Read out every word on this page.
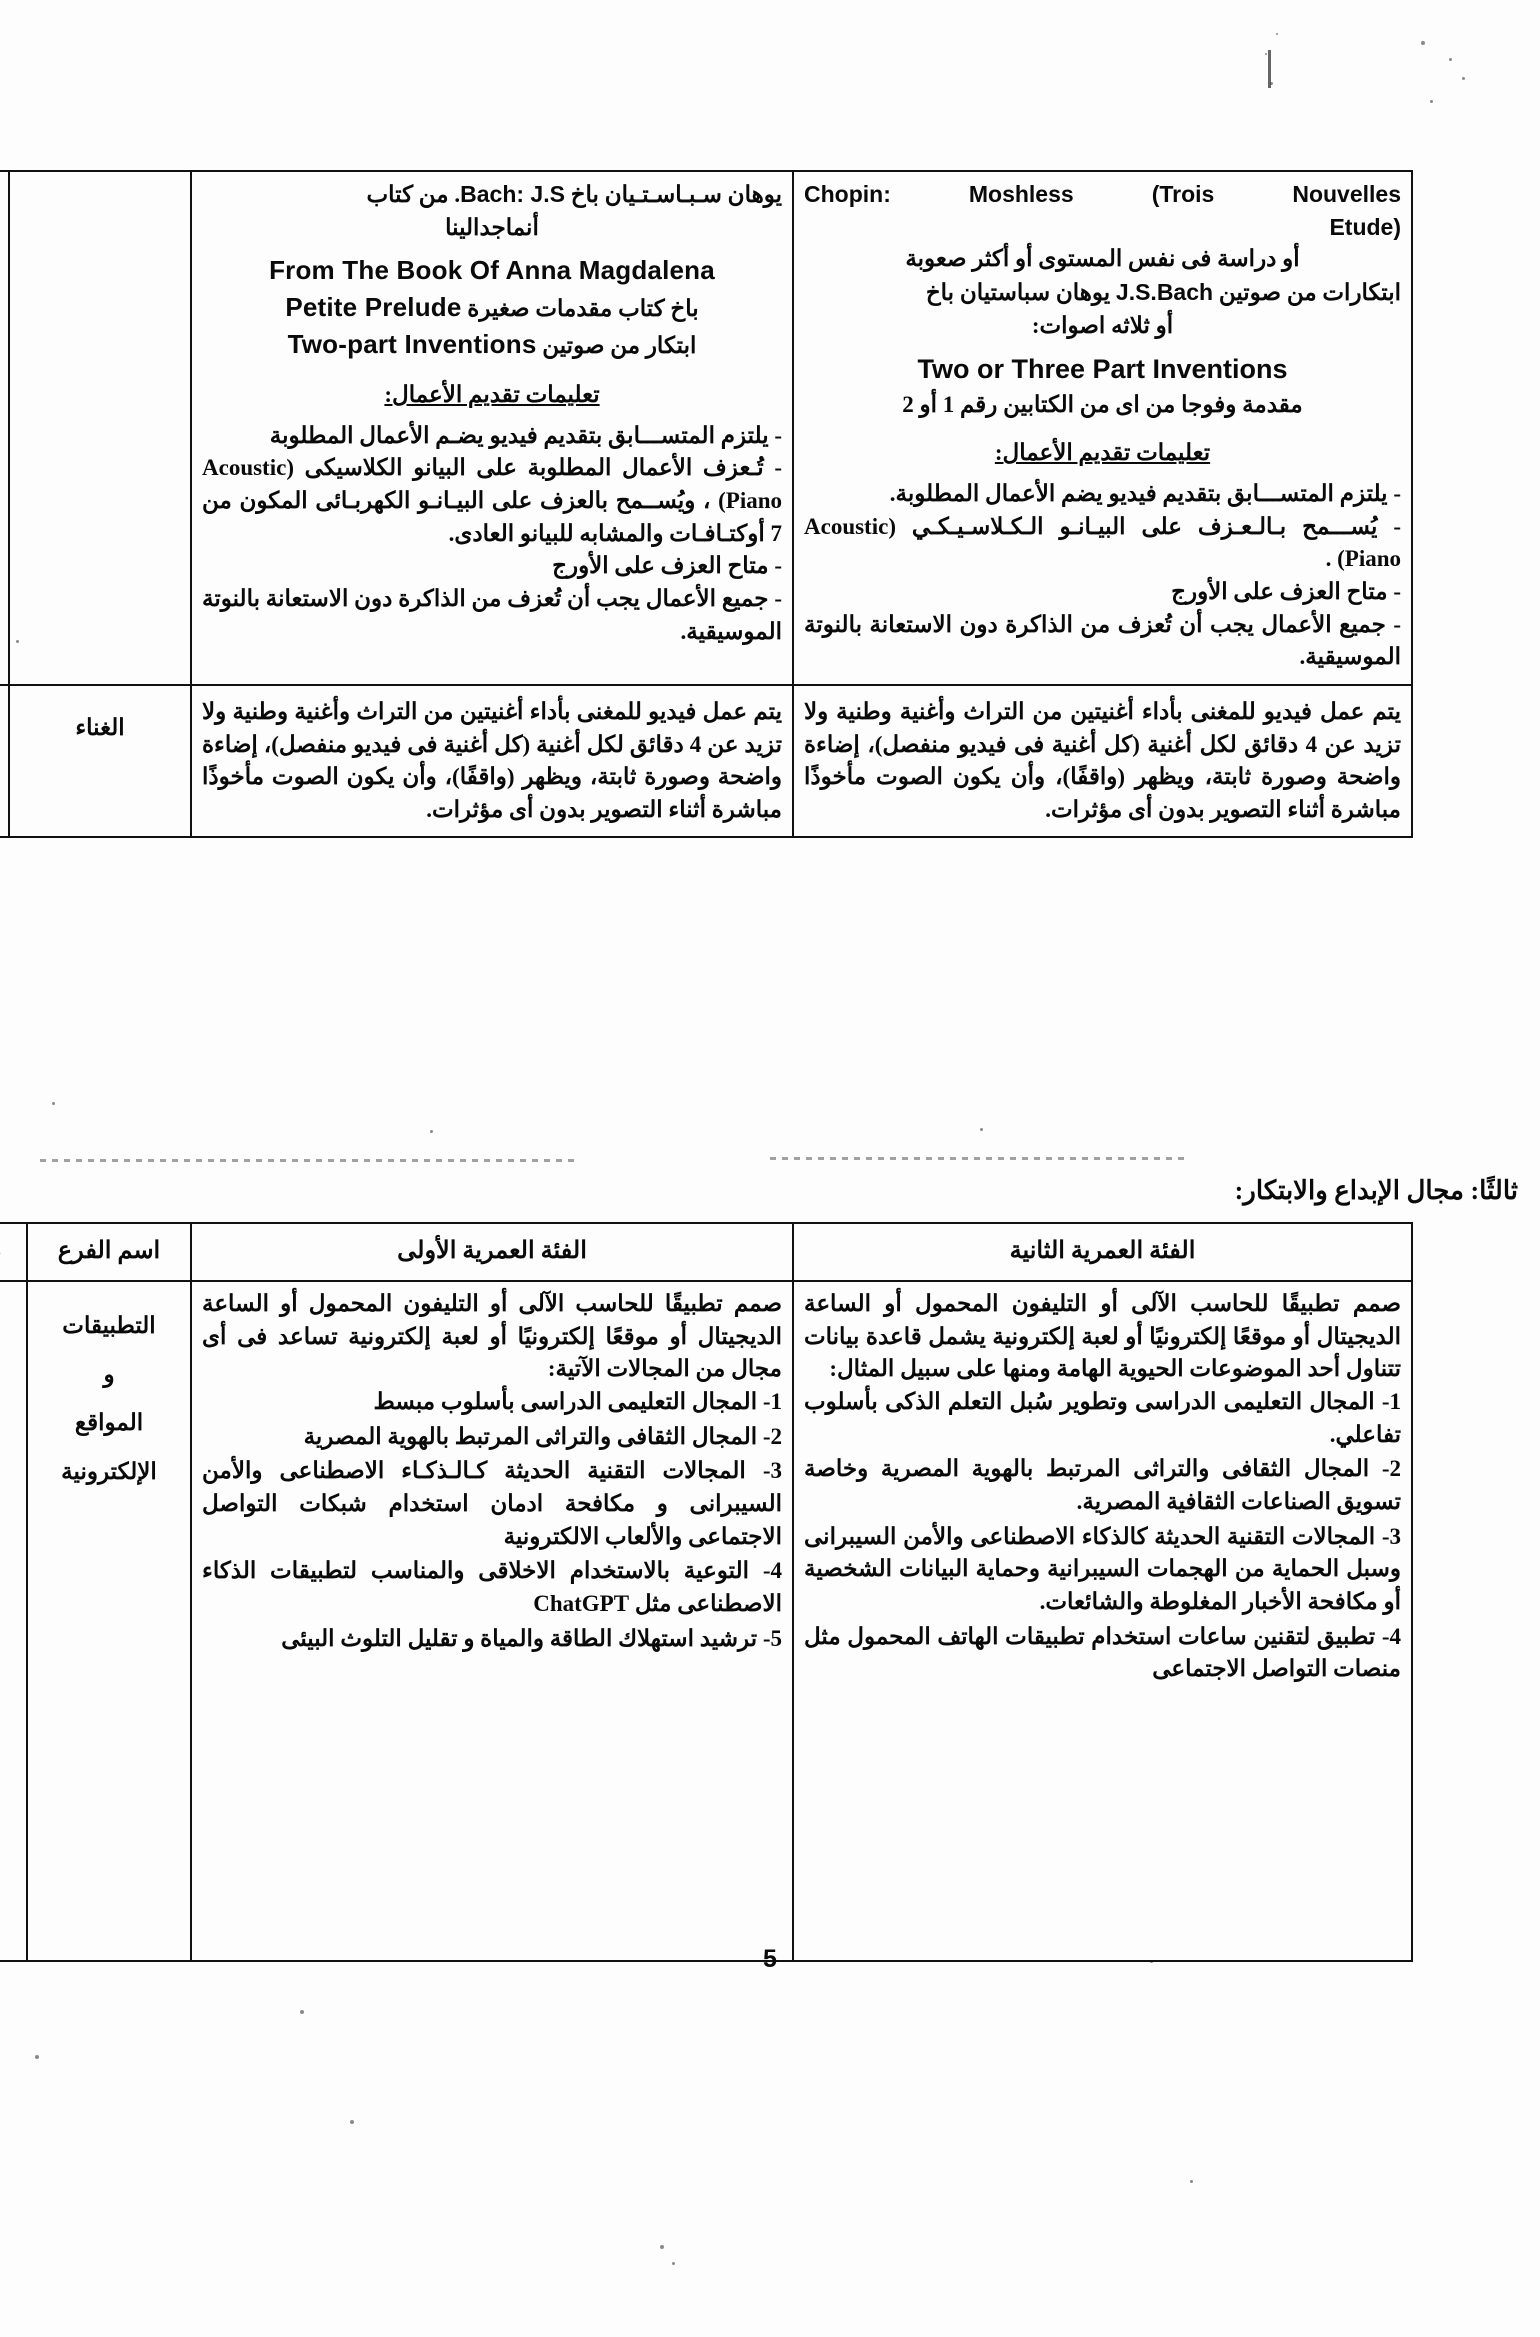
Chopin: Moshless (Trois Nouvelles
Etude)
أو دراسة فى نفس المستوى أو أكثر صعوبة
ابتكارات من صوتين J.S.Bach يوهان سباستيان باخ
أو ثلاثه اصوات:
Two or Three Part Inventions
مقدمة وفوجا من اى من الكتابين رقم 1 أو 2
تعليمات تقديم الأعمال:
- يلتزم المتســـابق بتقديم فيديو يضم الأعمال المطلوبة.
- يُســـمح بـالـعـزف على البيـانـو الـكـلاسـيـكـي (Acoustic Piano) .
- متاح العزف على الأورج
- جميع الأعمال يجب أن تُعزف من الذاكرة دون الاستعانة بالنوتة الموسيقية.

يوهان سـبـاسـتـيان باخ Bach: J.S. من كتاب
أنماجدالينا
From The Book Of Anna Magdalena
باخ كتاب مقدمات صغيرة Petite Prelude
ابتكار من صوتين Two-part Inventions
تعليمات تقديم الأعمال:
- يلتزم المتســـابق بتقديم فيديو يضـم الأعمال المطلوبة
- تُـعزف الأعمال المطلوبة على البيانو الكلاسيكى (Acoustic Piano) ، ويُســمح بالعزف على البيـانـو الكهربـائى المكون من 7 أوكتـافـات والمشابه للبيانو العادى.
- متاح العزف على الأورج
- جميع الأعمال يجب أن تُعزف من الذاكرة دون الاستعانة بالنوتة الموسيقية.

يتم عمل فيديو للمغنى بأداء أغنيتين من التراث وأغنية وطنية ولا تزيد عن 4 دقائق لكل أغنية (كل أغنية فى فيديو منفصل)، إضاءة واضحة وصورة ثابتة، ويظهر (واقفًا)، وأن يكون الصوت مأخوذًا مباشرة أثناء التصوير بدون أى مؤثرات.	يتم عمل فيديو للمغنى بأداء أغنيتين من التراث وأغنية وطنية ولا تزيد عن 4 دقائق لكل أغنية (كل أغنية فى فيديو منفصل)، إضاءة واضحة وصورة ثابتة، ويظهر (واقفًا)، وأن يكون الصوت مأخوذًا مباشرة أثناء التصوير بدون أى مؤثرات.	الغناء	
ثالثًا: مجال الإبداع والابتكار:
الفئة العمرية الثانية	الفئة العمرية الأولى	اسم الفرع	

صمم تطبيقًا للحاسب الآلى أو التليفون المحمول أو الساعة الديجيتال أو موقعًا إلكترونيًا أو لعبة إلكترونية يشمل قاعدة بيانات تتناول أحد الموضوعات الحيوية الهامة ومنها على سبيل المثال:
1- المجال التعليمى الدراسى وتطوير سُبل التعلم الذكى بأسلوب تفاعلي.
2- المجال الثقافى والتراثى المرتبط بالهوية المصرية وخاصة تسويق الصناعات الثقافية المصرية.
3- المجالات التقنية الحديثة كالذكاء الاصطناعى والأمن السيبرانى وسبل الحماية من الهجمات السيبرانية وحماية البيانات الشخصية أو مكافحة الأخبار المغلوطة والشائعات.
4- تطبيق لتقنين ساعات استخدام تطبيقات الهاتف المحمول مثل منصات التواصل الاجتماعى

صمم تطبيقًا للحاسب الآلى أو التليفون المحمول أو الساعة الديجيتال أو موقعًا إلكترونيًا أو لعبة إلكترونية تساعد فى أى مجال من المجالات الآتية:
1- المجال التعليمى الدراسى بأسلوب مبسط
2- المجال الثقافى والتراثى المرتبط بالهوية المصرية
3- المجالات التقنية الحديثة كـالـذكـاء الاصطناعى والأمن السيبرانى و مكافحة ادمان استخدام شبكات التواصل الاجتماعى والألعاب الالكترونية
4- التوعية بالاستخدام الاخلاقى والمناسب لتطبيقات الذكاء الاصطناعى مثل ChatGPT
5- ترشيد استهلاك الطاقة والمياة و تقليل التلوث البيئى

التطبيقات
و
المواقع
الإلكترونية

5
